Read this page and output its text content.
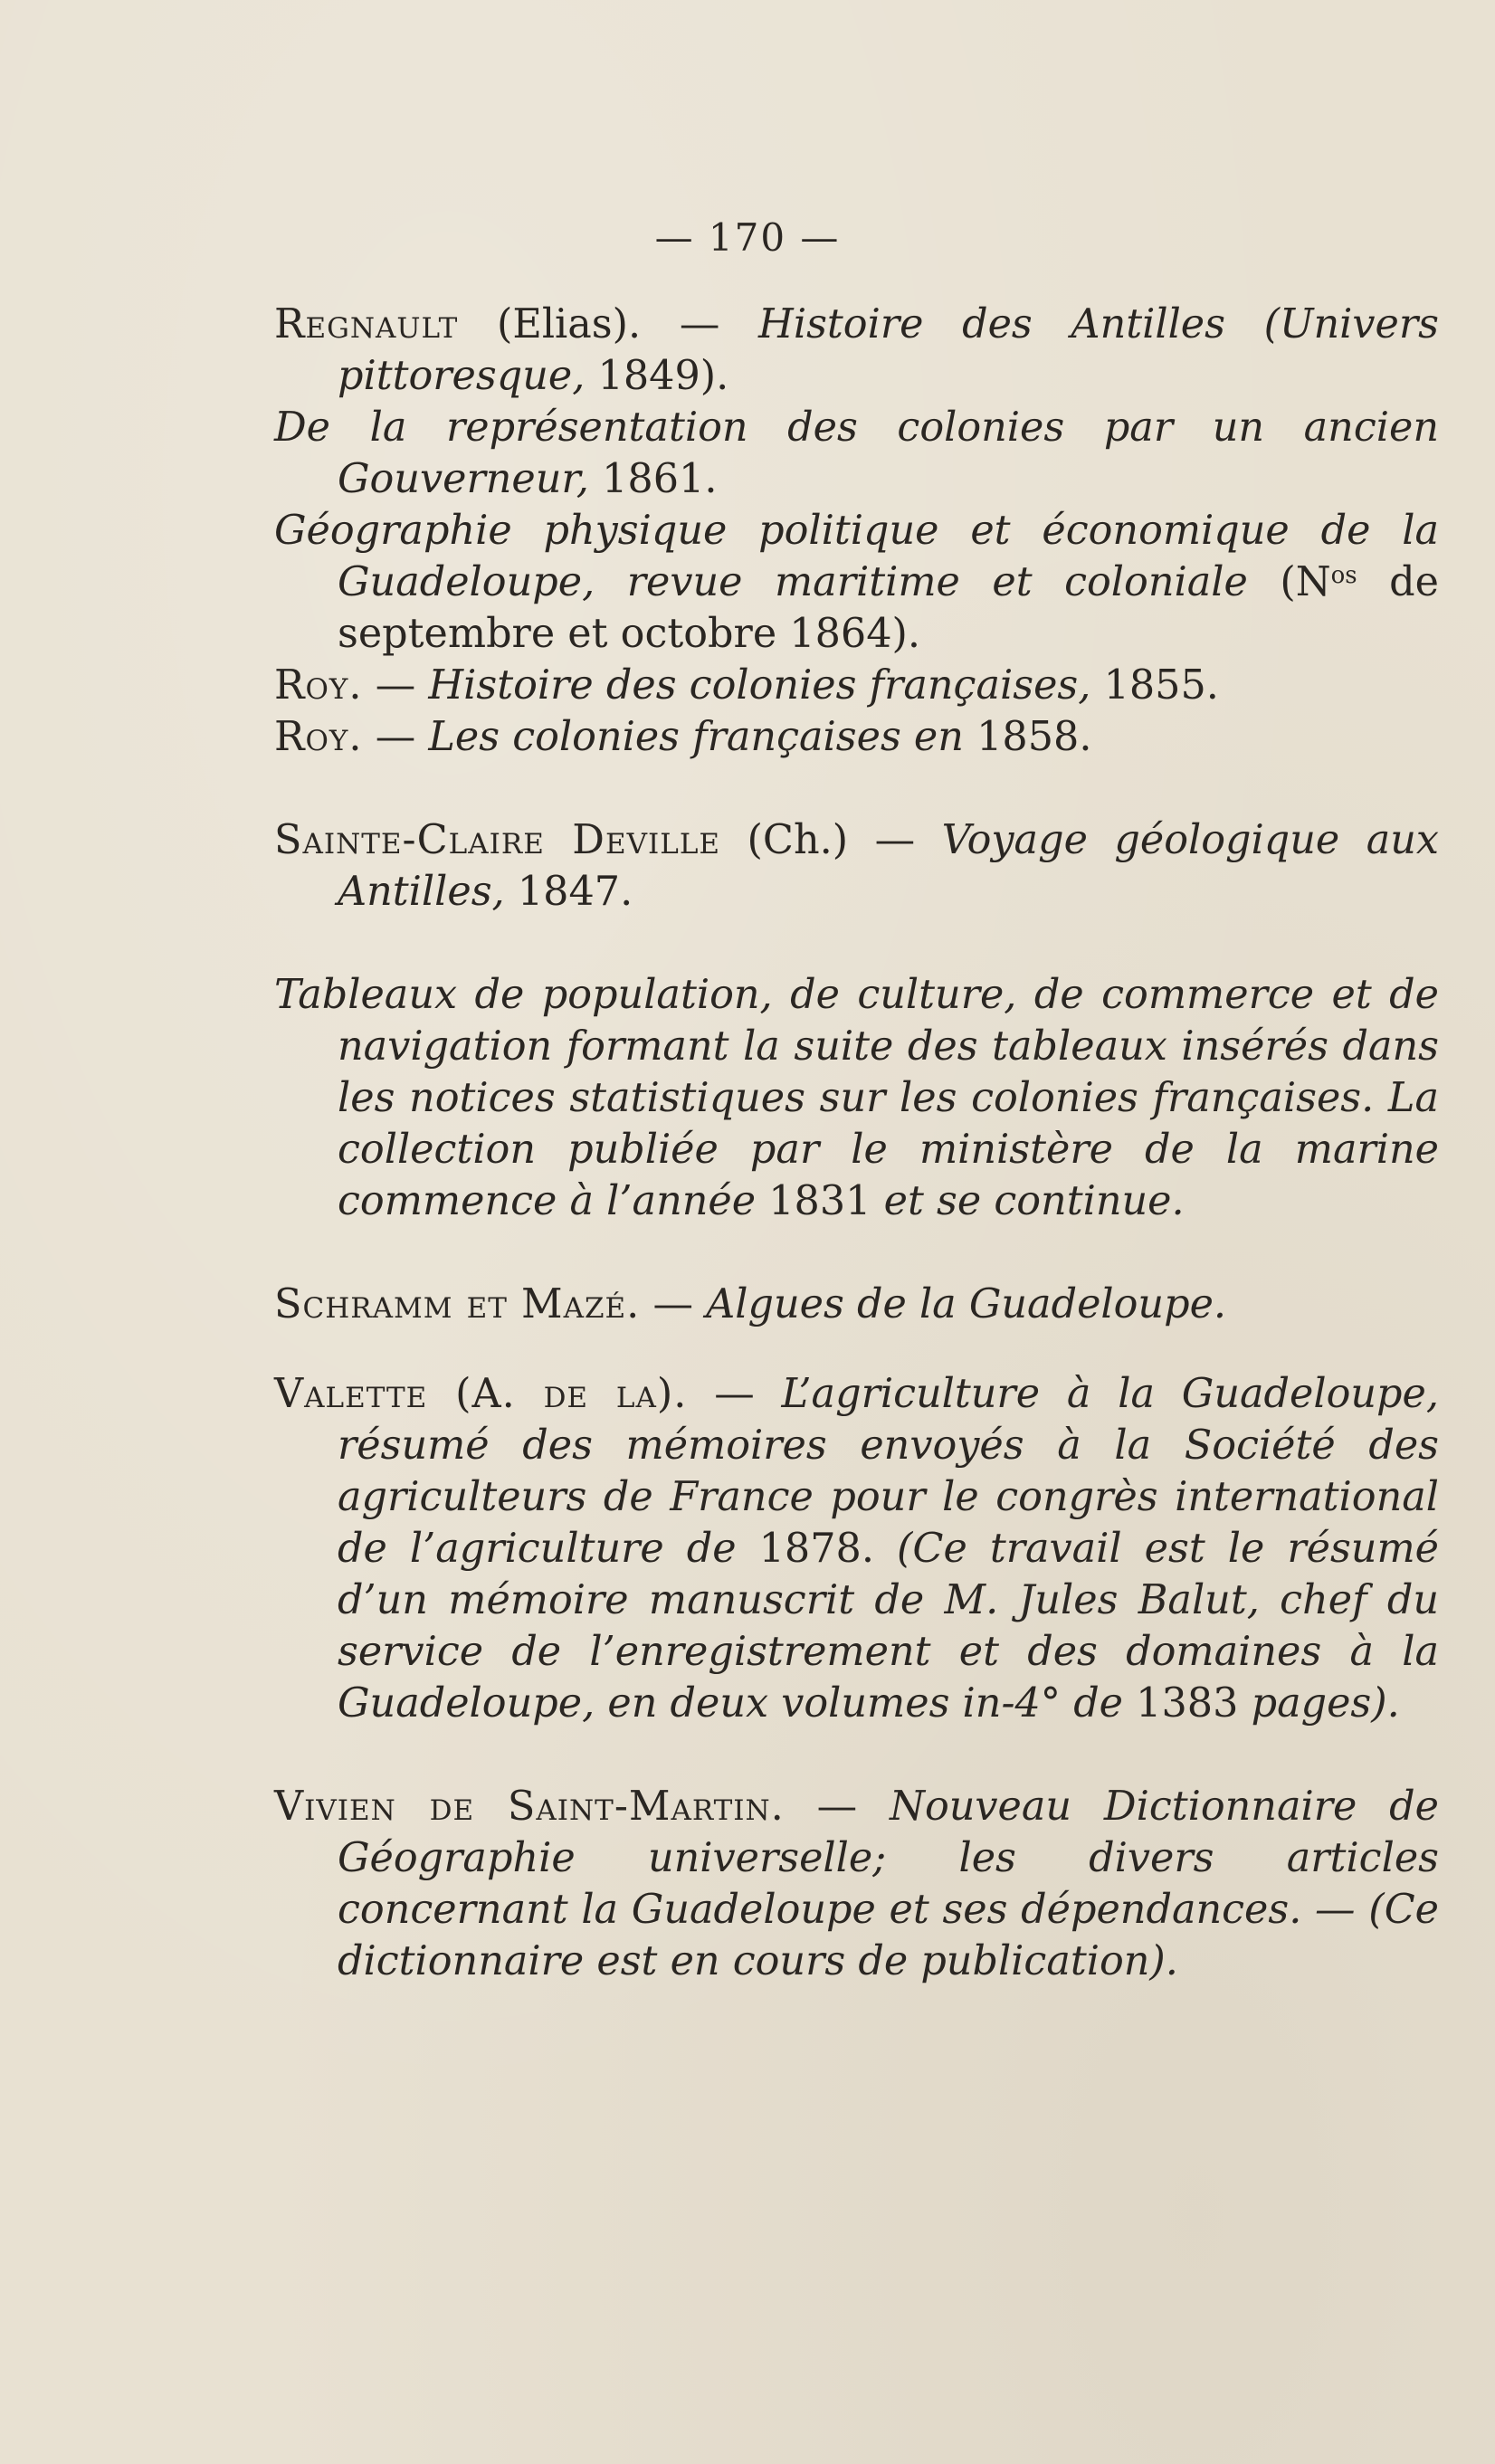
— 170 —

Regnault (Elias). — Histoire des Antilles (Univers pittoresque, 1849).

De la représentation des colonies par un ancien Gouverneur, 1861.

Géographie physique politique et économique de la Guadeloupe, revue maritime et coloniale ($N^{os}$ de septembre et octobre 1864).

Roy. — Histoire des colonies françaises, 1855.

Roy. — Les colonies françaises en 1858.

Sainte-Claire Deville (Ch.) — Voyage géologique aux Antilles, 1847.

Tableaux de population, de culture, de commerce et de navigation formant la suite des tableaux insérés dans les notices statistiques sur les colonies françaises. La collection publiée par le ministère de la marine commence à l’année 1831 et se continue.

Schramm et Mazé. — Algues de la Guadeloupe.

Valette (A. de la). — L’agriculture à la Guadeloupe, résumé des mémoires envoyés à la Société des agriculteurs de France pour le congrès international de l’agriculture de 1878. (Ce travail est le résumé d’un mémoire manuscrit de M. Jules Balut, chef du service de l’enregistrement et des domaines à la Guadeloupe, en deux volumes in-4° de 1383 pages).

Vivien de Saint-Martin. — Nouveau Dictionnaire de Géographie universelle; les divers articles concernant la Guadeloupe et ses dépendances. — (Ce dictionnaire est en cours de publication).
